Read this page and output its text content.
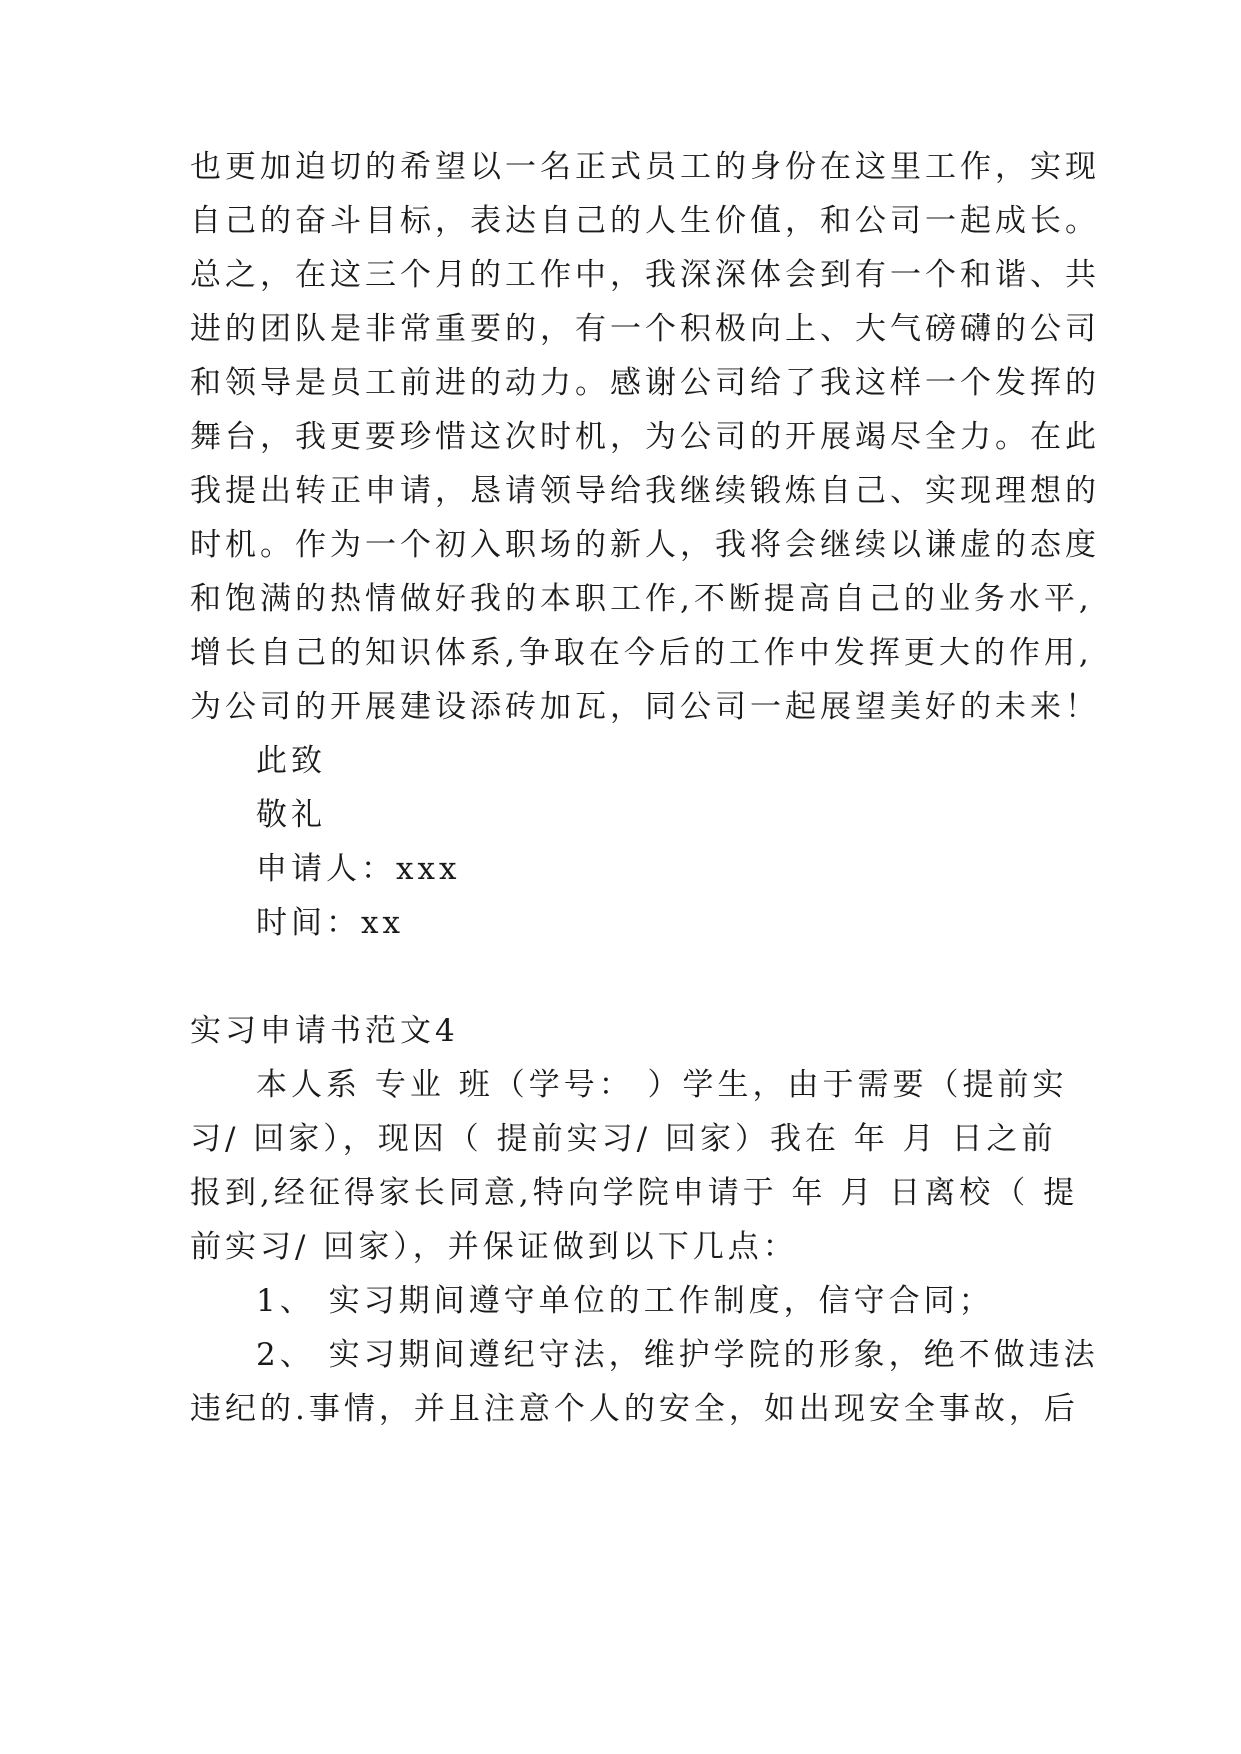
也更加迫切的希望以一名正式员工的身份在这里工作，实现
自己的奋斗目标，表达自己的人生价值，和公司一起成长。
总之，在这三个月的工作中，我深深体会到有一个和谐、共
进的团队是非常重要的，有一个积极向上、大气磅礴的公司
和领导是员工前进的动力。感谢公司给了我这样一个发挥的
舞台，我更要珍惜这次时机，为公司的开展竭尽全力。在此
我提出转正申请，恳请领导给我继续锻炼自己、实现理想的
时机。作为一个初入职场的新人，我将会继续以谦虚的态度
和饱满的热情做好我的本职工作,不断提高自己的业务水平,
增长自己的知识体系,争取在今后的工作中发挥更大的作用,
为公司的开展建设添砖加瓦，同公司一起展望美好的未来！
此致
敬礼
申请人：xxx
时间：xx
实习申请书范文4
本人系 专业 班（学号： ）学生，由于需要（提前实
习/ 回家），现因（ 提前实习/ 回家）我在 年 月 日之前
报到,经征得家长同意,特向学院申请于 年 月 日离校（ 提
前实习/ 回家），并保证做到以下几点：
1、 实习期间遵守单位的工作制度，信守合同；
2、 实习期间遵纪守法，维护学院的形象，绝不做违法
违纪的.事情，并且注意个人的安全，如出现安全事故，后
